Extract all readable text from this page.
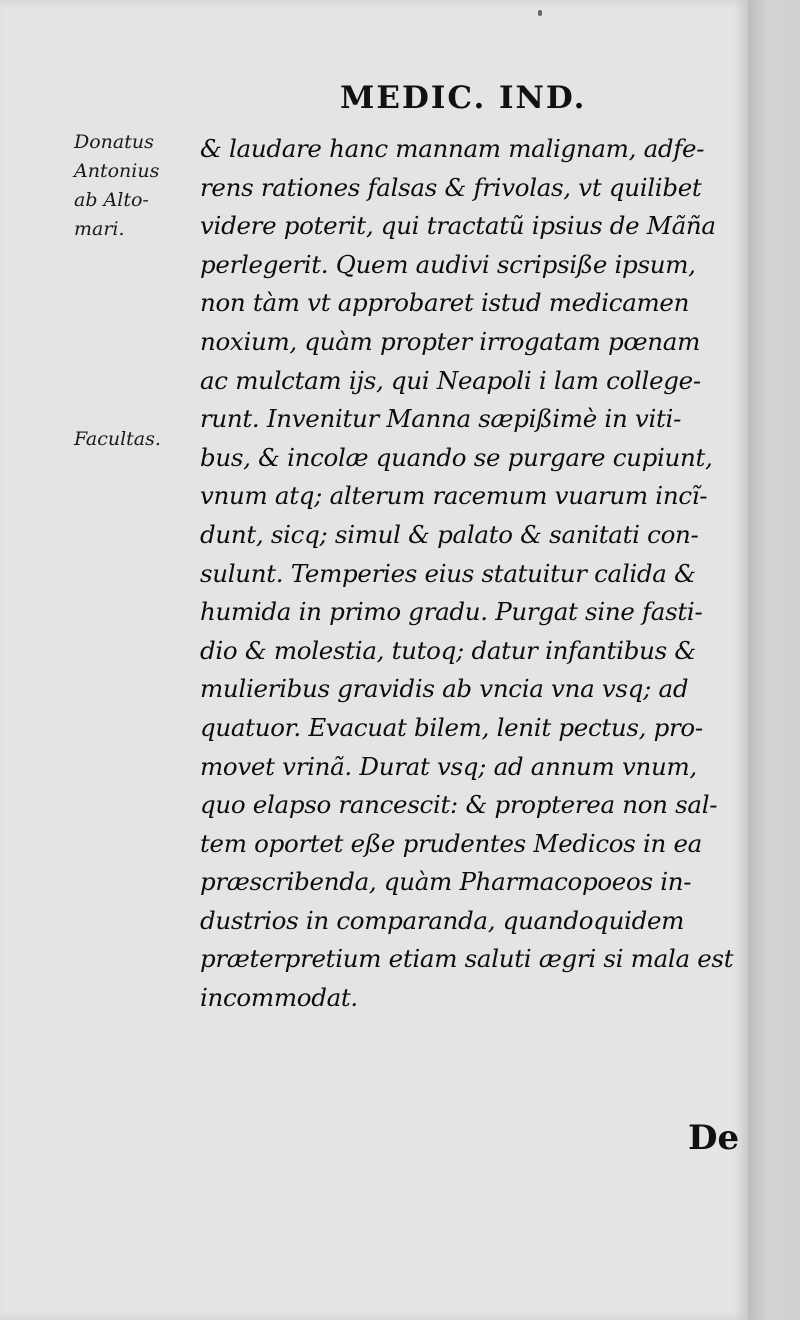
MEDIC. IND.
Donatus
Antonius
ab Alto-
mari.
Facultas.
& laudare hanc mannam malignam, adfe-
rens rationes falsas & frivolas, vt quilibet
videre poterit, qui tractatũ ipsius de Mãña
perlegerit. Quem audivi scripsiße ipsum,
non tàm vt approbaret istud medicamen
noxium, quàm propter irrogatam pœnam
ac mulctam ijs, qui Neapoli i lam college-
runt. Invenitur Manna sæpißimè in viti-
bus, & incolæ quando se purgare cupiunt,
vnum atq; alterum racemum vuarum incĩ-
dunt, sicq; simul & palato & sanitati con-
sulunt. Temperies eius statuitur calida &
humida in primo gradu. Purgat sine fasti-
dio & molestia, tutoq; datur infantibus &
mulieribus gravidis ab vncia vna vsq; ad
quatuor. Evacuat bilem, lenit pectus, pro-
movet vrinã. Durat vsq; ad annum vnum,
quo elapso rancescit: & propterea non sal-
tem oportet eße prudentes Medicos in ea
præscribenda, quàm Pharmacopoeos in-
dustrios in comparanda, quandoquidem
præterpretium etiam saluti ægri si mala est
incommodat.
De
